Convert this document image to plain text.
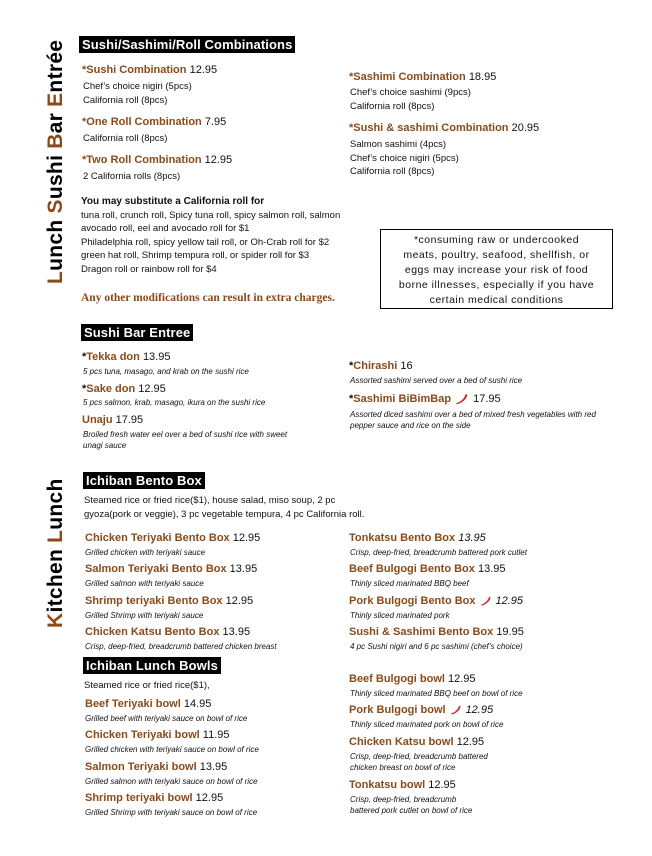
LunchSushiBarEntrée
KitchenLunch
Sushi/Sashimi/Roll Combinations
*Sushi Combination 12.95
Chef’s choice nigiri (5pcs)
California roll (8pcs)
*One Roll Combination 7.95
California roll (8pcs)
*Two Roll Combination 12.95
2 California rolls (8pcs)
*Sashimi Combination 18.95
Chef’s choice sashimi (9pcs)
California roll (8pcs)
*Sushi & sashimi Combination 20.95
Salmon sashimi (4pcs)
Chef’s choice nigiri (5pcs)
California roll (8pcs)
You may substitute a California roll for
tuna roll, crunch roll, Spicy tuna roll, spicy salmon roll, salmon
avocado roll, eel and avocado roll for $1
Philadelphia roll, spicy yellow tail roll, or Oh-Crab roll for $2
green hat roll, Shrimp tempura roll, or spider roll for $3
Dragon roll or rainbow roll for $4
Any other modifications can result in extra charges.
*consuming raw or undercooked
meats, poultry, seafood, shellfish, or
eggs may increase your risk of food
borne illnesses, especially if you have
certain medical conditions
Sushi Bar Entree
*Tekka don 13.95
5 pcs tuna, masago, and krab on the sushi rice
*Sake don 12.95
5 pcs salmon, krab, masago, ikura on the sushi rice
Unaju 17.95
Broiled fresh water eel over a bed of sushi rice with sweet
unagi sauce
*Chirashi 16
Assorted sashimi served over a bed of sushi rice
*Sashimi BiBimBap 17.95
Assorted diced sashimi over a bed of mixed fresh vegetables with red
pepper sauce and rice on the side
Ichiban Bento Box
Steamed rice or fried rice($1), house salad, miso soup, 2 pc
gyoza(pork or veggie), 3 pc vegetable tempura, 4 pc California roll.
Chicken Teriyaki Bento Box 12.95
Grilled chicken with teriyaki sauce
Salmon Teriyaki Bento Box 13.95
Grilled salmon with teriyaki sauce
Shrimp teriyaki Bento Box 12.95
Grilled Shrimp with teriyaki sauce
Chicken Katsu Bento Box 13.95
Crisp, deep-fried, breadcrumb battered chicken breast
Tonkatsu Bento Box 13.95
Crisp, deep-fried, breadcrumb battered pork cutlet
Beef Bulgogi Bento Box 13.95
Thinly sliced marinated BBQ beef
Pork Bulgogi Bento Box 12.95
Thinly sliced marinated pork
Sushi & Sashimi Bento Box 19.95
4 pc Sushi nigiri and 6 pc sashimi (chef’s choice)
Ichiban Lunch Bowls
Steamed rice or fried rice($1),
Beef Teriyaki bowl 14.95
Grilled beef with teriyaki sauce on bowl of rice
Chicken Teriyaki bowl 11.95
Grilled chicken with teriyaki sauce on bowl of rice
Salmon Teriyaki bowl 13.95
Grilled salmon with teriyaki sauce on bowl of rice
Shrimp teriyaki bowl 12.95
Grilled Shrimp with teriyaki sauce on bowl of rice
Beef Bulgogi bowl 12.95
Thinly sliced marinated BBQ beef on bowl of rice
Pork Bulgogi bowl 12.95
Thinly sliced marinated pork on bowl of rice
Chicken Katsu bowl 12.95
Crisp, deep-fried, breadcrumb battered
chicken breast on bowl of rice
Tonkatsu bowl 12.95
Crisp, deep-fried, breadcrumb
battered pork cutlet on bowl of rice
